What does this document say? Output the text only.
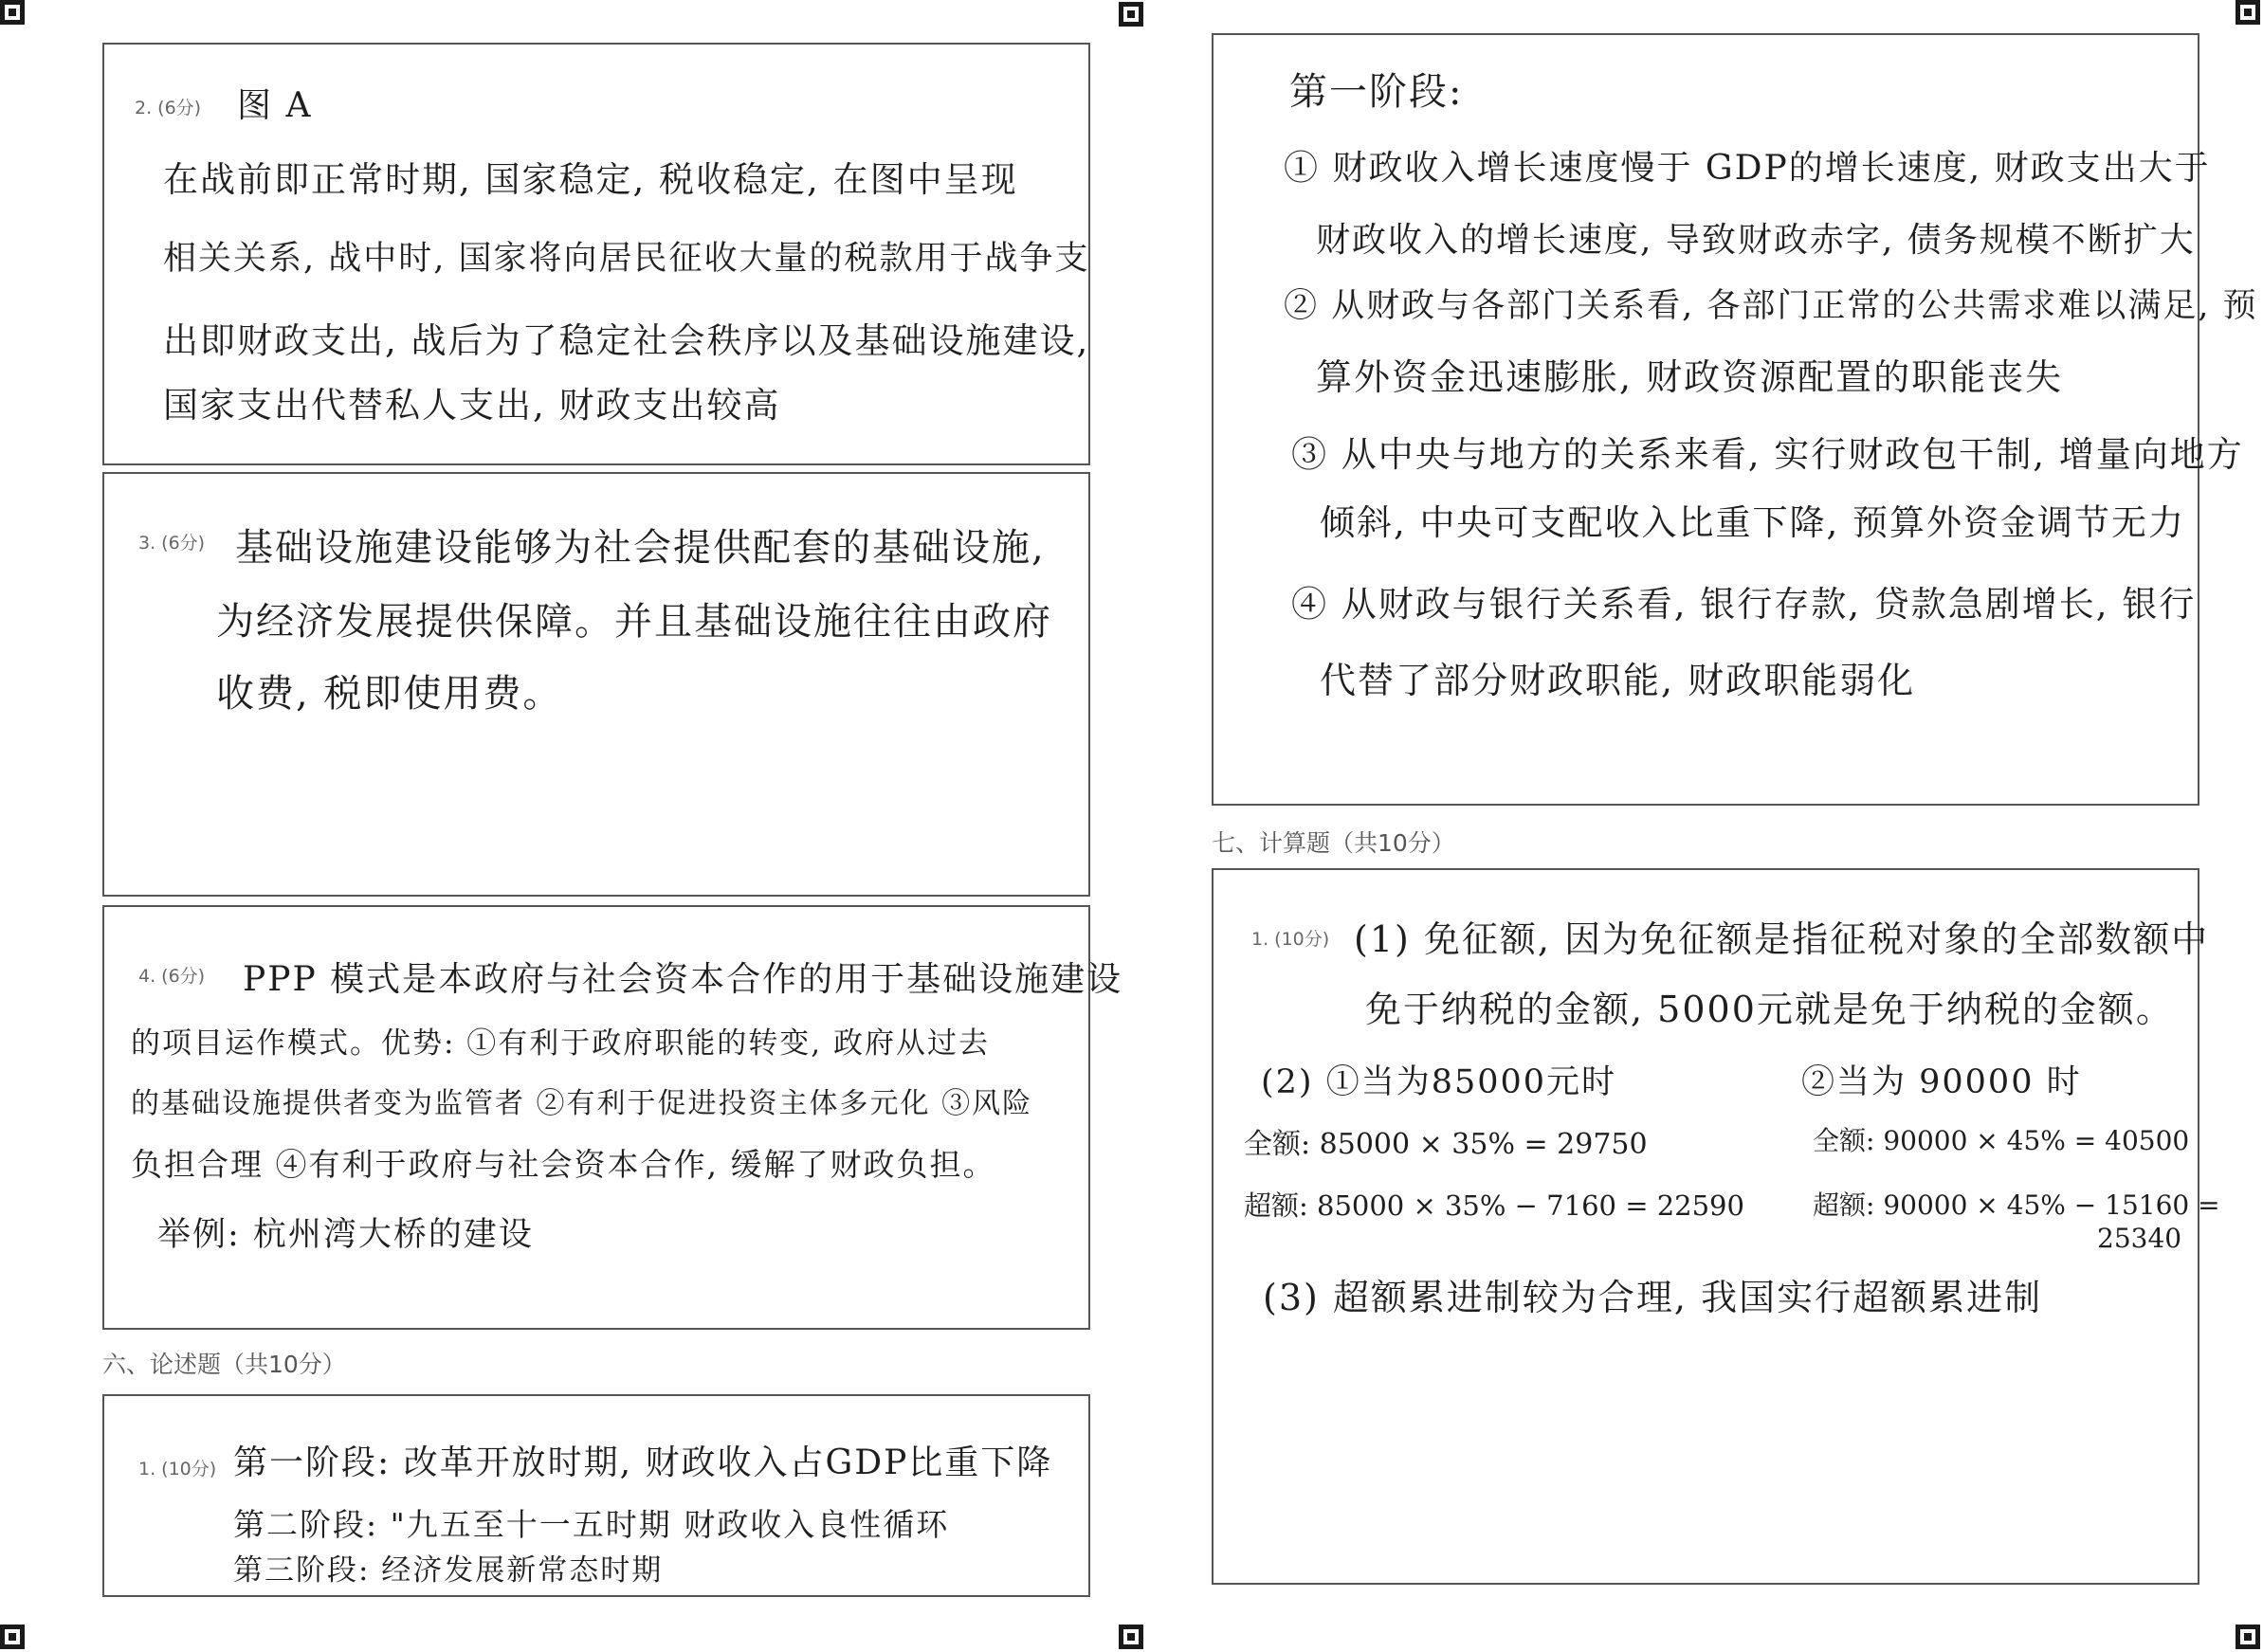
2. (6分) 图 A
在战前即正常时期, 国家稳定, 税收稳定, 在图中呈现
相关关系, 战中时, 国家将向居民征收大量的税款用于战争支
出即财政支出, 战后为了稳定社会秩序以及基础设施建设,
国家支出代替私人支出, 财政支出较高
3. (6分) 基础设施建设能够为社会提供配套的基础设施,
为经济发展提供保障。并且基础设施往往由政府
收费, 税即使用费。
4. (6分) PPP 模式是本政府与社会资本合作的用于基础设施建设
的项目运作模式。优势: ①有利于政府职能的转变, 政府从过去
的基础设施提供者变为监管者 ②有利于促进投资主体多元化 ③风险
负担合理 ④有利于政府与社会资本合作, 缓解了财政负担。
举例: 杭州湾大桥的建设
六、论述题（共10分）
1. (10分) 第一阶段: 改革开放时期, 财政收入占GDP比重下降
第二阶段: "九五至十一五时期 财政收入良性循环
第三阶段: 经济发展新常态时期
第一阶段:
① 财政收入增长速度慢于 GDP的增长速度, 财政支出大于
财政收入的增长速度, 导致财政赤字, 债务规模不断扩大
② 从财政与各部门关系看, 各部门正常的公共需求难以满足, 预
算外资金迅速膨胀, 财政资源配置的职能丧失
③ 从中央与地方的关系来看, 实行财政包干制, 增量向地方
倾斜, 中央可支配收入比重下降, 预算外资金调节无力
④ 从财政与银行关系看, 银行存款, 贷款急剧增长, 银行
代替了部分财政职能, 财政职能弱化
七、计算题（共10分）
1. (10分) (1) 免征额, 因为免征额是指征税对象的全部数额中
免于纳税的金额, 5000元就是免于纳税的金额。
(2) ①当为85000元时	②当为 90000 时
全额: 85000 × 35% = 29750	全额: 90000 × 45% = 40500
超额: 85000 × 35% − 7160 = 22590	超额: 90000 × 45% − 15160 =
25340
(3) 超额累进制较为合理, 我国实行超额累进制
